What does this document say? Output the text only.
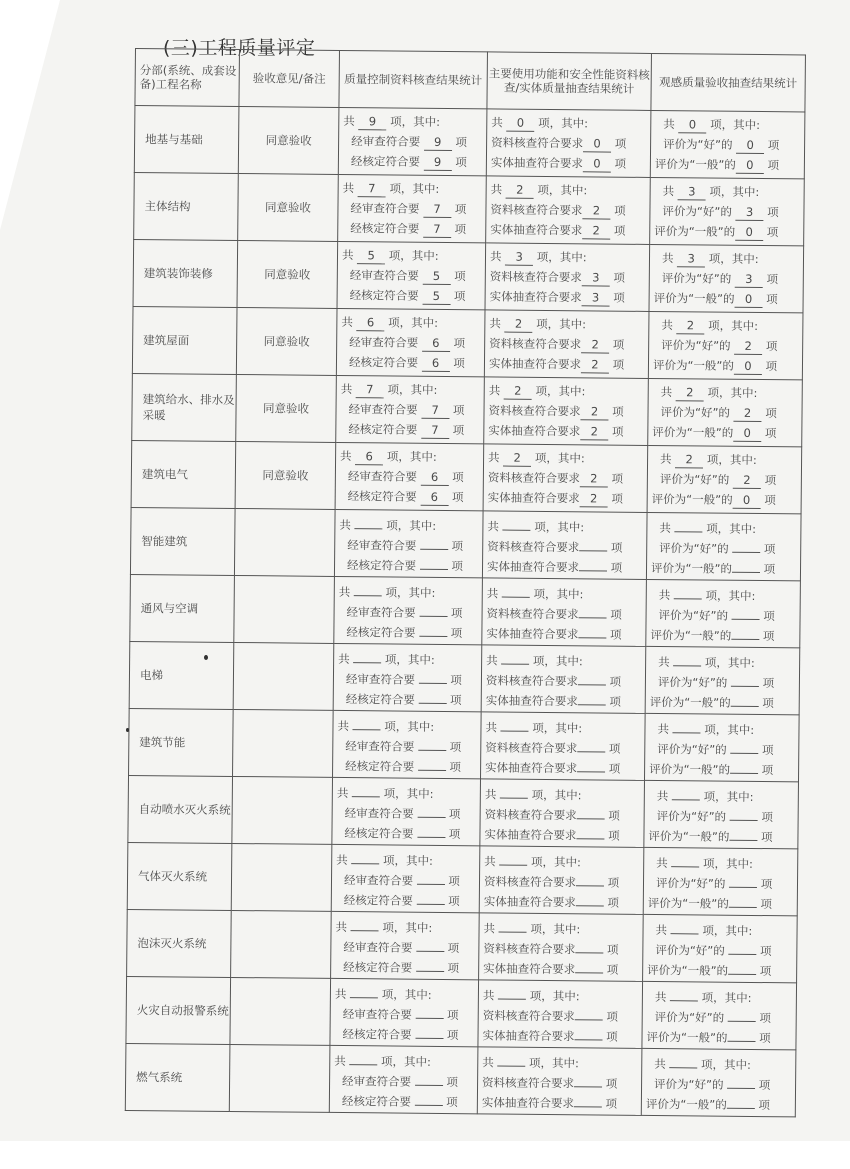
(三)工程质量评定
分部(系统、成套设备)工程名称	验收意见/备注	质量控制资料核查结果统计	主要使用功能和安全性能资料核查/实体质量抽查结果统计	观感质量验收抽查结果统计
地基与基础	同意验收	共 9 项，其中:
经审查符合要 9 项
经核定符合要 9 项	共 0 项，其中:
资料核查符合要求 0 项
实体抽查符合要求 0 项	共 0 项，其中:
评价为“好”的 0 项
评价为“一般”的 0 项

主体结构	同意验收	共 7 项，其中:
经审查符合要 7 项
经核定符合要 7 项	共 2 项，其中:
资料核查符合要求 2 项
实体抽查符合要求 2 项	共 3 项，其中:
评价为“好”的 3 项
评价为“一般”的 0 项

建筑装饰装修	同意验收	共 5 项，其中:
经审查符合要 5 项
经核定符合要 5 项	共 3 项，其中:
资料核查符合要求 3 项
实体抽查符合要求 3 项	共 3 项，其中:
评价为“好”的 3 项
评价为“一般”的 0 项

建筑屋面	同意验收	共 6 项，其中:
经审查符合要 6 项
经核定符合要 6 项	共 2 项，其中:
资料核查符合要求 2 项
实体抽查符合要求 2 项	共 2 项，其中:
评价为“好”的 2 项
评价为“一般”的 0 项

建筑给水、排水及采暖	同意验收	共 7 项，其中:
经审查符合要 7 项
经核定符合要 7 项	共 2 项，其中:
资料核查符合要求 2 项
实体抽查符合要求 2 项	共 2 项，其中:
评价为“好”的 2 项
评价为“一般”的 0 项

建筑电气	同意验收	共 6 项，其中:
经审查符合要 6 项
经核定符合要 6 项	共 2 项，其中:
资料核查符合要求 2 项
实体抽查符合要求 2 项	共 2 项，其中:
评价为“好”的 2 项
评价为“一般”的 0 项

智能建筑		共 项，其中:
经审查符合要 项
经核定符合要 项	共 项，其中:
资料核查符合要求 项
实体抽查符合要求 项	共 项，其中:
评价为“好”的 项
评价为“一般”的 项

通风与空调		共 项，其中:
经审查符合要 项
经核定符合要 项	共 项，其中:
资料核查符合要求 项
实体抽查符合要求 项	共 项，其中:
评价为“好”的 项
评价为“一般”的 项

电梯		共 项，其中:
经审查符合要 项
经核定符合要 项	共 项，其中:
资料核查符合要求 项
实体抽查符合要求 项	共 项，其中:
评价为“好”的 项
评价为“一般”的 项

建筑节能		共 项，其中:
经审查符合要 项
经核定符合要 项	共 项，其中:
资料核查符合要求 项
实体抽查符合要求 项	共 项，其中:
评价为“好”的 项
评价为“一般”的 项

自动喷水灭火系统		共 项，其中:
经审查符合要 项
经核定符合要 项	共 项，其中:
资料核查符合要求 项
实体抽查符合要求 项	共 项，其中:
评价为“好”的 项
评价为“一般”的 项

气体灭火系统		共 项，其中:
经审查符合要 项
经核定符合要 项	共 项，其中:
资料核查符合要求 项
实体抽查符合要求 项	共 项，其中:
评价为“好”的 项
评价为“一般”的 项

泡沫灭火系统		共 项，其中:
经审查符合要 项
经核定符合要 项	共 项，其中:
资料核查符合要求 项
实体抽查符合要求 项	共 项，其中:
评价为“好”的 项
评价为“一般”的 项

火灾自动报警系统		共 项，其中:
经审查符合要 项
经核定符合要 项	共 项，其中:
资料核查符合要求 项
实体抽查符合要求 项	共 项，其中:
评价为“好”的 项
评价为“一般”的 项

燃气系统		共 项，其中:
经审查符合要 项
经核定符合要 项	共 项，其中:
资料核查符合要求 项
实体抽查符合要求 项	共 项，其中:
评价为“好”的 项
评价为“一般”的 项
